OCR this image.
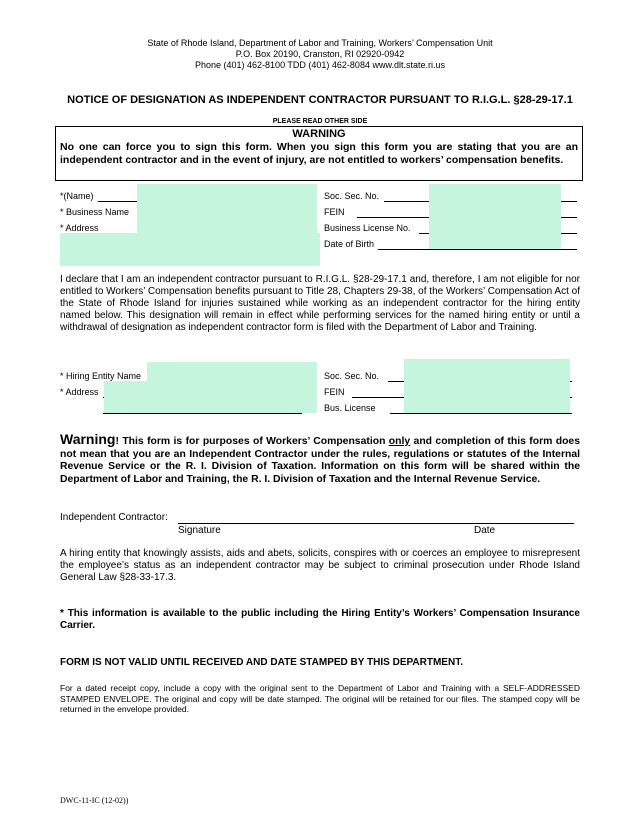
State of Rhode Island, Department of Labor and Training, Workers’ Compensation Unit
P.O. Box 20190, Cranston, RI 02920-0942
Phone (401) 462-8100 TDD (401) 462-8084 www.dlt.state.ri.us
NOTICE OF DESIGNATION AS INDEPENDENT CONTRACTOR PURSUANT TO R.I.G.L. §28-29-17.1
PLEASE READ OTHER SIDE
WARNING
No one can force you to sign this form. When you sign this form you are stating that you are an independent contractor and in the event of injury, are not entitled to workers’ compensation benefits.
*(Name)
* Business Name
* Address
Soc. Sec. No.
FEIN
Business License No.
Date of Birth
I declare that I am an independent contractor pursuant to R.I.G.L. §28-29-17.1 and, therefore, I am not eligible for nor entitled to Workers’ Compensation benefits pursuant to Title 28, Chapters 29-38, of the Workers’ Compensation Act of the State of Rhode Island for injuries sustained while working as an independent contractor for the hiring entity named below. This designation will remain in effect while performing services for the named hiring entity or until a withdrawal of designation as independent contractor form is filed with the Department of Labor and Training.
* Hiring Entity Name
* Address
Soc. Sec. No.
FEIN
Bus. License
Warning! This form is for purposes of Workers’ Compensation only and completion of this form does not mean that you are an Independent Contractor under the rules, regulations or statutes of the Internal Revenue Service or the R. I. Division of Taxation. Information on this form will be shared within the Department of Labor and Training, the R. I. Division of Taxation and the Internal Revenue Service.
Independent Contractor:
Signature	Date
A hiring entity that knowingly assists, aids and abets, solicits, conspires with or coerces an employee to misrepresent the employee’s status as an independent contractor may be subject to criminal prosecution under Rhode Island General Law §28-33-17.3.
* This information is available to the public including the Hiring Entity’s Workers’ Compensation Insurance Carrier.
FORM IS NOT VALID UNTIL RECEIVED AND DATE STAMPED BY THIS DEPARTMENT.
For a dated receipt copy, include a copy with the original sent to the Department of Labor and Training with a SELF-ADDRESSED STAMPED ENVELOPE. The original and copy will be date stamped. The original will be retained for our files. The stamped copy will be returned in the envelope provided.
DWC-11-IC (12-02))
